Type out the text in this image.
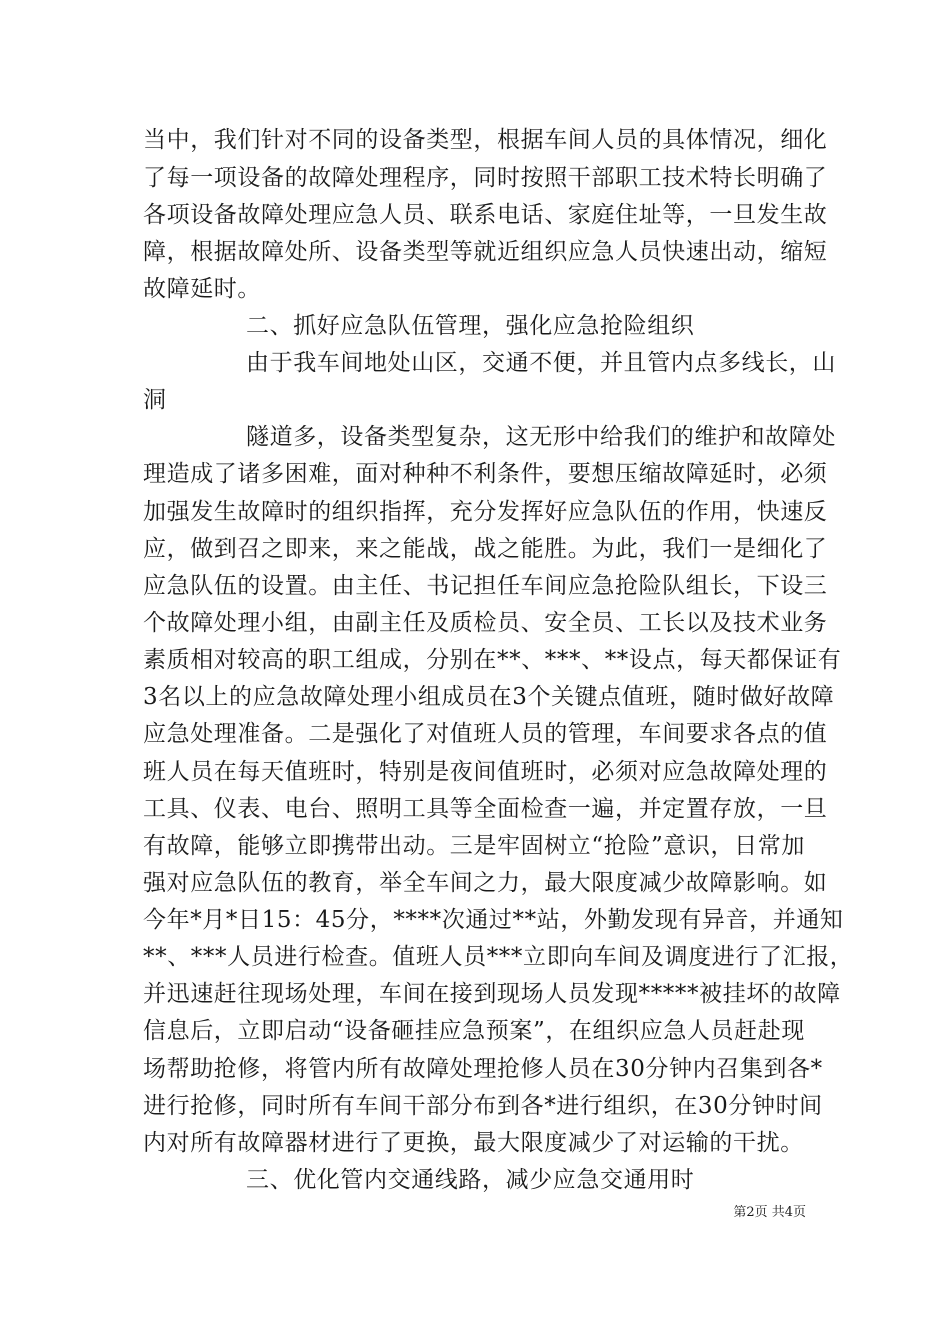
当中，我们针对不同的设备类型，根据车间人员的具体情况，细化
了每一项设备的故障处理程序，同时按照干部职工技术特长明确了
各项设备故障处理应急人员、联系电话、家庭住址等，一旦发生故
障，根据故障处所、设备类型等就近组织应急人员快速出动，缩短
故障延时。
二、抓好应急队伍管理，强化应急抢险组织
由于我车间地处山区，交通不便，并且管内点多线长，山
洞
隧道多，设备类型复杂，这无形中给我们的维护和故障处
理造成了诸多困难，面对种种不利条件，要想压缩故障延时，必须
加强发生故障时的组织指挥，充分发挥好应急队伍的作用，快速反
应，做到召之即来，来之能战，战之能胜。为此，我们一是细化了
应急队伍的设置。由主任、书记担任车间应急抢险队组长，下设三
个故障处理小组，由副主任及质检员、安全员、工长以及技术业务
素质相对较高的职工组成，分别在**、***、**设点，每天都保证有
3名以上的应急故障处理小组成员在3个关键点值班，随时做好故障
应急处理准备。二是强化了对值班人员的管理，车间要求各点的值
班人员在每天值班时，特别是夜间值班时，必须对应急故障处理的
工具、仪表、电台、照明工具等全面检查一遍，并定置存放，一旦
有故障，能够立即携带出动。三是牢固树立“抢险”意识，日常加
强对应急队伍的教育，举全车间之力，最大限度减少故障影响。如
今年*月*日15：45分，****次通过**站，外勤发现有异音，并通知
**、***人员进行检查。值班人员***立即向车间及调度进行了汇报，
并迅速赶往现场处理，车间在接到现场人员发现*****被挂坏的故障
信息后，立即启动“设备砸挂应急预案”，在组织应急人员赶赴现
场帮助抢修，将管内所有故障处理抢修人员在30分钟内召集到各*
进行抢修，同时所有车间干部分布到各*进行组织，在30分钟时间
内对所有故障器材进行了更换，最大限度减少了对运输的干扰。
三、优化管内交通线路，减少应急交通用时
第2页 共4页
